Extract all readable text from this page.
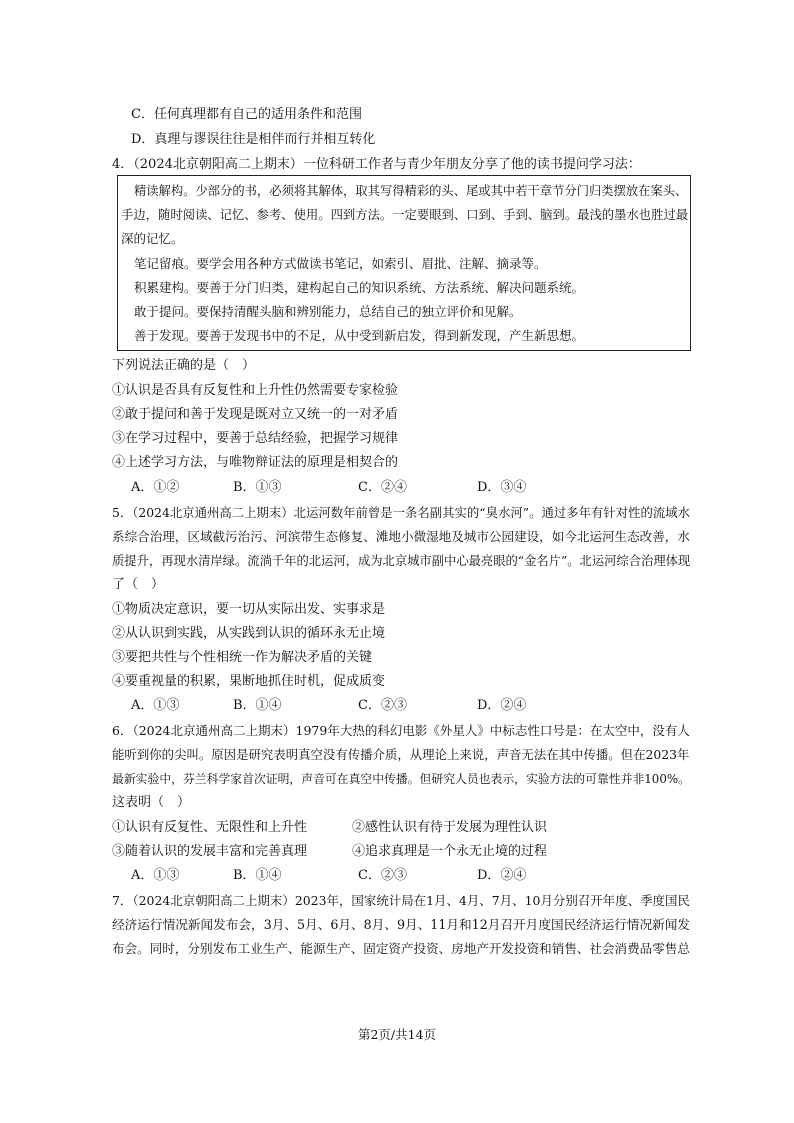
C．任何真理都有自己的适用条件和范围
D．真理与谬误往往是相伴而行并相互转化
4．（2024北京朝阳高二上期末）一位科研工作者与青少年朋友分享了他的读书提问学习法：
精读解构。少部分的书，必须将其解体，取其写得精彩的头、尾或其中若干章节分门归类摆放在案头、
手边，随时阅读、记忆、参考、使用。四到方法。一定要眼到、口到、手到、脑到。最浅的墨水也胜过最
深的记忆。
笔记留痕。要学会用各种方式做读书笔记，如索引、眉批、注解、摘录等。
积累建构。要善于分门归类，建构起自己的知识系统、方法系统、解决问题系统。
敢于提问。要保持清醒头脑和辨别能力，总结自己的独立评价和见解。
善于发现。要善于发现书中的不足，从中受到新启发，得到新发现，产生新思想。
下列说法正确的是（　）
①认识是否具有反复性和上升性仍然需要专家检验
②敢于提问和善于发现是既对立又统一的一对矛盾
③在学习过程中，要善于总结经验，把握学习规律
④上述学习方法，与唯物辩证法的原理是相契合的
A．①②	B．①③	C．②④	D．③④
5．（2024北京通州高二上期末）北运河数年前曾是一条名副其实的“臭水河”。通过多年有针对性的流域水
系综合治理，区域截污治污、河滨带生态修复、滩地小微湿地及城市公园建设，如今北运河生态改善，水
质提升，再现水清岸绿。流淌千年的北运河，成为北京城市副中心最亮眼的“金名片”。北运河综合治理体现
了（　）
①物质决定意识，要一切从实际出发、实事求是
②从认识到实践，从实践到认识的循环永无止境
③要把共性与个性相统一作为解决矛盾的关键
④要重视量的积累，果断地抓住时机，促成质变
A．①③	B．①④	C．②③	D．②④
6．（2024北京通州高二上期末）1979年大热的科幻电影《外星人》中标志性口号是：在太空中，没有人
能听到你的尖叫。原因是研究表明真空没有传播介质，从理论上来说，声音无法在其中传播。但在2023年
最新实验中，芬兰科学家首次证明，声音可在真空中传播。但研究人员也表示，实验方法的可靠性并非100%。
这表明（　）
①认识有反复性、无限性和上升性	②感性认识有待于发展为理性认识
③随着认识的发展丰富和完善真理	④追求真理是一个永无止境的过程
A．①③	B．①④	C．②③	D．②④
7．（2024北京朝阳高二上期末）2023年，国家统计局在1月、4月、7月、10月分别召开年度、季度国民
经济运行情况新闻发布会，3月、5月、6月、8月、9月、11月和12月召开月度国民经济运行情况新闻发
布会。同时，分别发布工业生产、能源生产、固定资产投资、房地产开发投资和销售、社会消费品零售总
第2页/共14页
